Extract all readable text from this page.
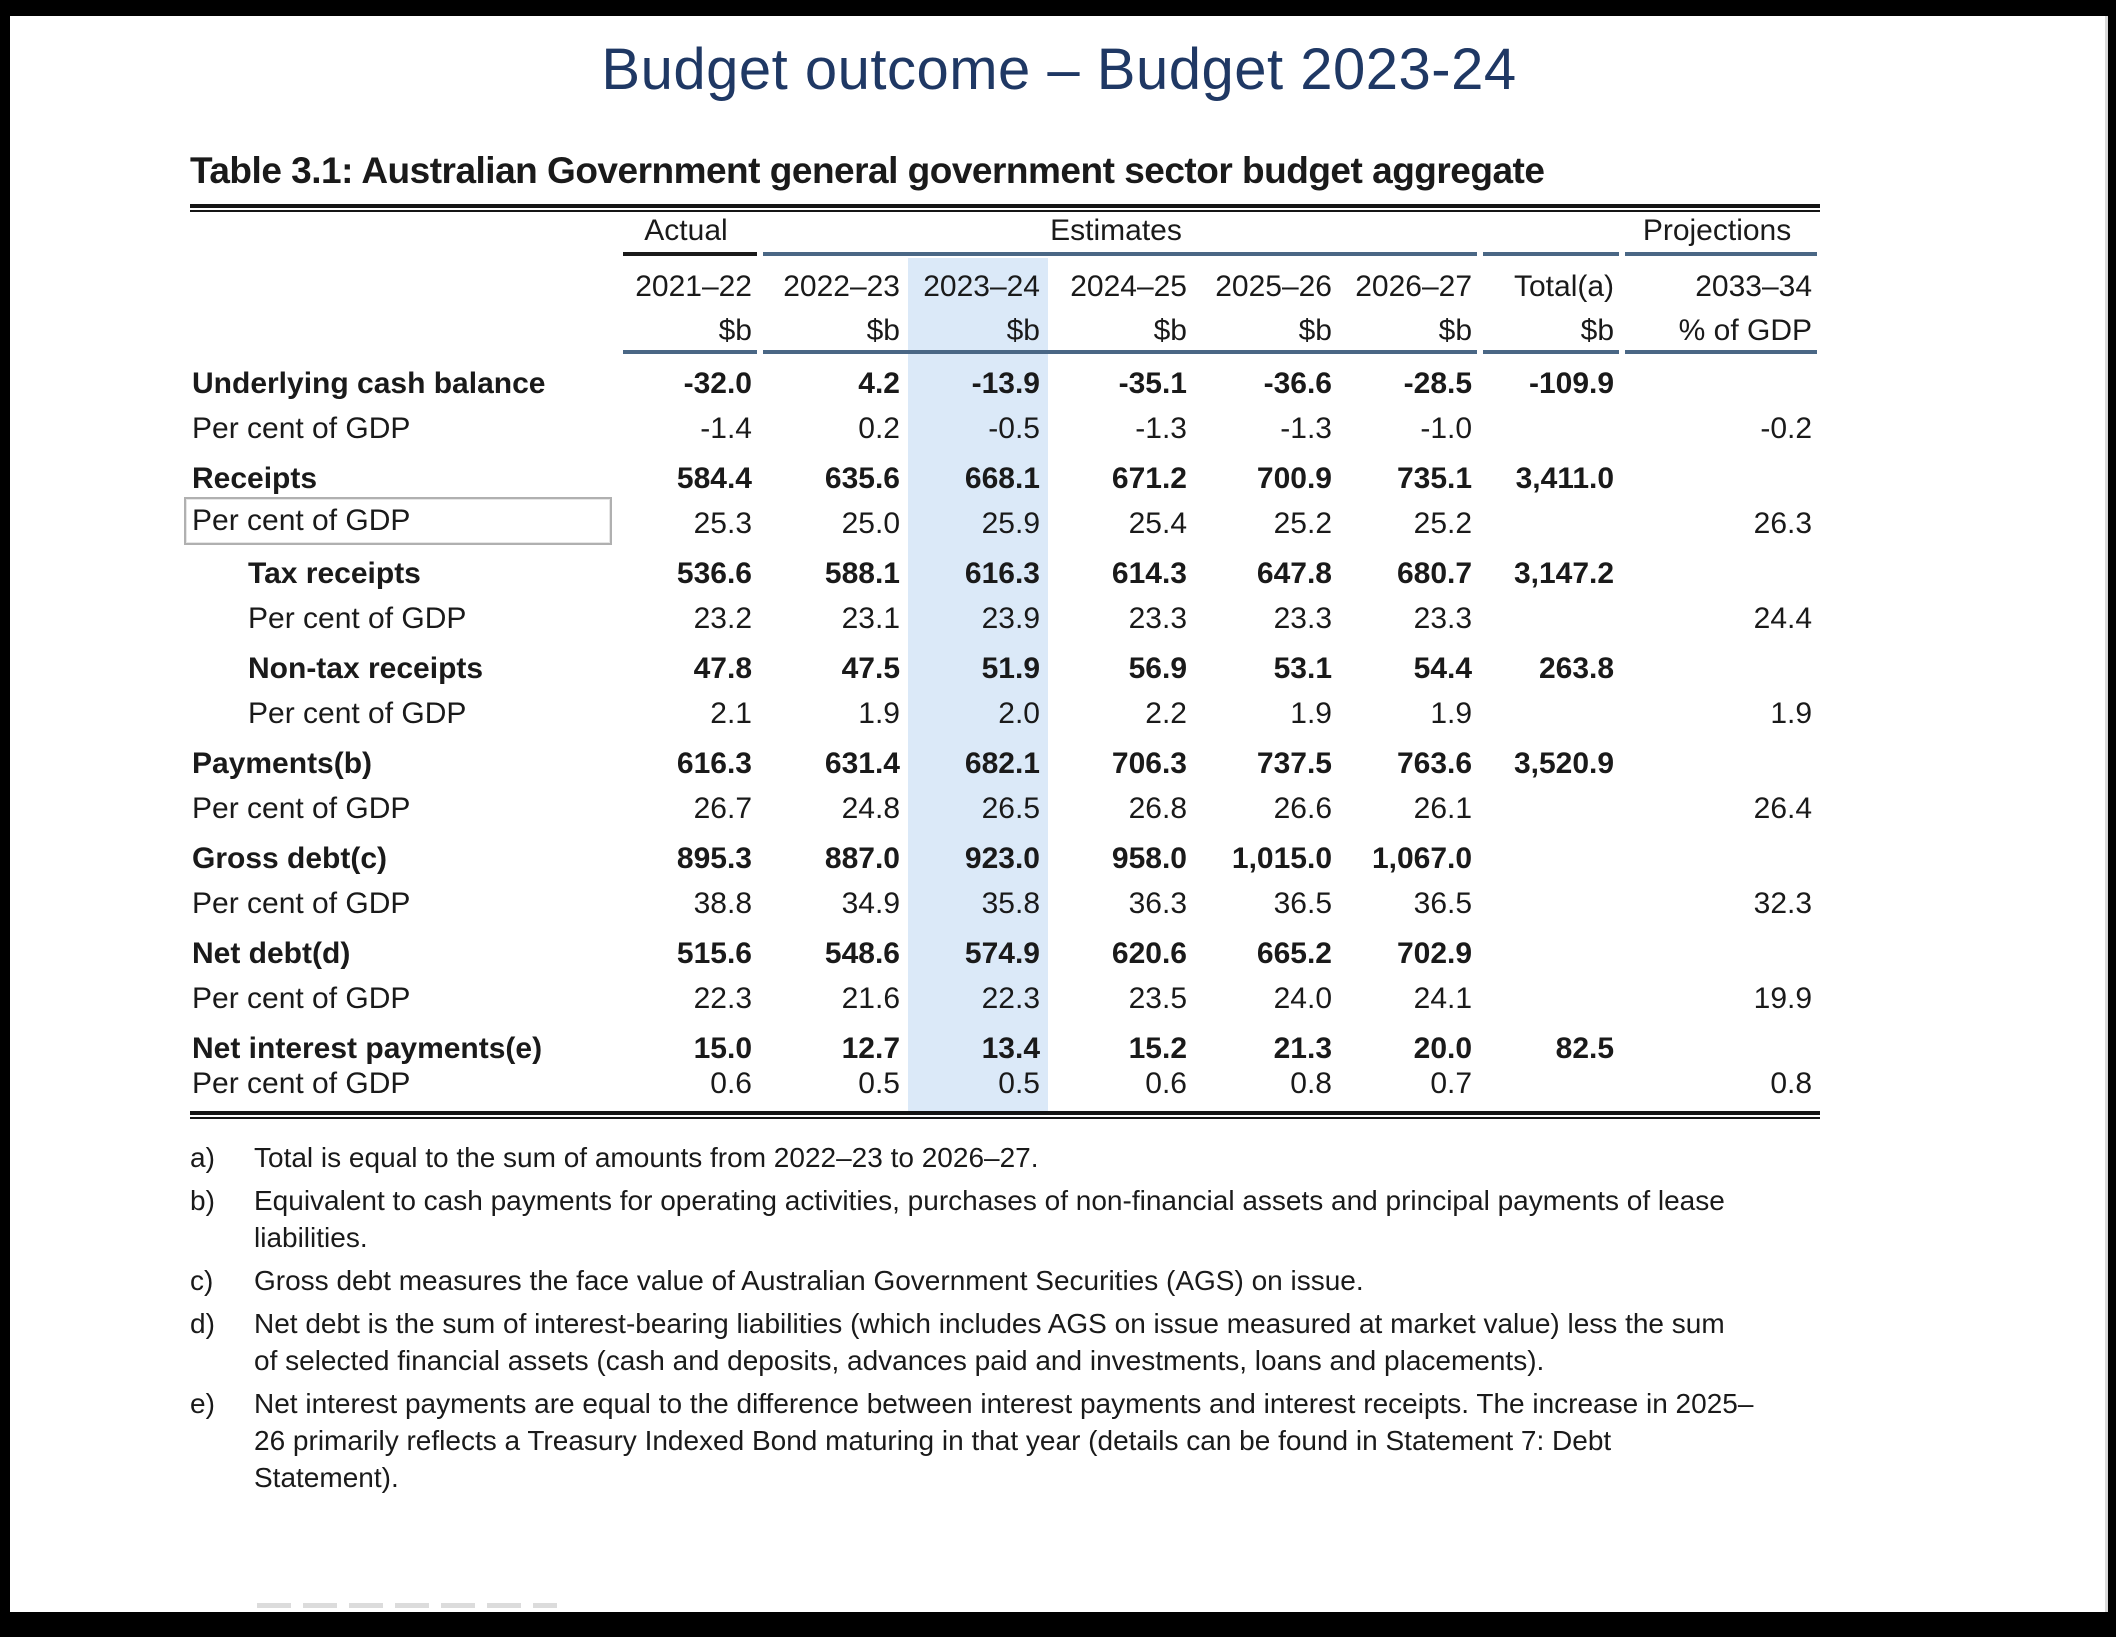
Budget outcome – Budget 2023-24
Table 3.1: Australian Government general government sector budget aggregate
	Actual	Estimates						Projections

	2021–22	2022–23	2023–24	2024–25	2025–26	2026–27	Total(a)	2033–34
	$b	$b	$b	$b	$b	$b	$b	% of GDP

Underlying cash balance	-32.0	4.2	-13.9	-35.1	-36.6	-28.5	-109.9	
Per cent of GDP	-1.4	0.2	-0.5	-1.3	-1.3	-1.0		-0.2
Receipts	584.4	635.6	668.1	671.2	700.9	735.1	3,411.0	

Per cent of GDP	25.3	25.0	25.9	25.4	25.2	25.2		26.3
Tax receipts	536.6	588.1	616.3	614.3	647.8	680.7	3,147.2	
Per cent of GDP	23.2	23.1	23.9	23.3	23.3	23.3		24.4
Non-tax receipts	47.8	47.5	51.9	56.9	53.1	54.4	263.8	
Per cent of GDP	2.1	1.9	2.0	2.2	1.9	1.9		1.9
Payments(b)	616.3	631.4	682.1	706.3	737.5	763.6	3,520.9	
Per cent of GDP	26.7	24.8	26.5	26.8	26.6	26.1		26.4
Gross debt(c)	895.3	887.0	923.0	958.0	1,015.0	1,067.0		
Per cent of GDP	38.8	34.9	35.8	36.3	36.5	36.5		32.3
Net debt(d)	515.6	548.6	574.9	620.6	665.2	702.9		
Per cent of GDP	22.3	21.6	22.3	23.5	24.0	24.1		19.9
Net interest payments(e)	15.0	12.7	13.4	15.2	21.3	20.0	82.5	
Per cent of GDP	0.6	0.5	0.5	0.6	0.8	0.7		0.8
a)	Total is equal to the sum of amounts from 2022–23 to 2026–27.
b)	Equivalent to cash payments for operating activities, purchases of non-financial assets and principal payments of lease liabilities.
c)	Gross debt measures the face value of Australian Government Securities (AGS) on issue.
d)	Net debt is the sum of interest-bearing liabilities (which includes AGS on issue measured at market value) less the sum of selected financial assets (cash and deposits, advances paid and investments, loans and placements).
e)	Net interest payments are equal to the difference between interest payments and interest receipts. The increase in 2025–26 primarily reflects a Treasury Indexed Bond maturing in that year (details can be found in Statement 7: Debt Statement).
